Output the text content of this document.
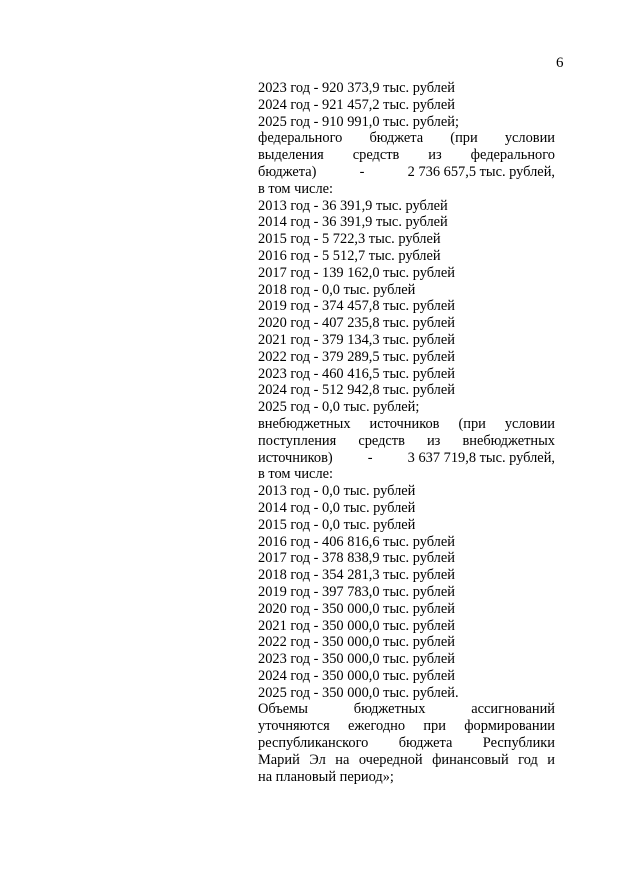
6
2023 год - 920 373,9 тыс. рублей
2024 год - 921 457,2 тыс. рублей
2025 год - 910 991,0 тыс. рублей;
федерального бюджета (при условии
выделения средств из федерального
бюджета)	-	2 736 657,5 тыс. рублей,
в том числе:
2013 год - 36 391,9 тыс. рублей
2014 год - 36 391,9 тыс. рублей
2015 год - 5 722,3 тыс. рублей
2016 год - 5 512,7 тыс. рублей
2017 год - 139 162,0 тыс. рублей
2018 год - 0,0 тыс. рублей
2019 год - 374 457,8 тыс. рублей
2020 год - 407 235,8 тыс. рублей
2021 год - 379 134,3 тыс. рублей
2022 год - 379 289,5 тыс. рублей
2023 год - 460 416,5 тыс. рублей
2024 год - 512 942,8 тыс. рублей
2025 год - 0,0 тыс. рублей;
внебюджетных источников (при условии
поступления средств из внебюджетных
источников) - 3 637 719,8 тыс. рублей,
в том числе:
2013 год - 0,0 тыс. рублей
2014 год - 0,0 тыс. рублей
2015 год - 0,0 тыс. рублей
2016 год - 406 816,6 тыс. рублей
2017 год - 378 838,9 тыс. рублей
2018 год - 354 281,3 тыс. рублей
2019 год - 397 783,0 тыс. рублей
2020 год - 350 000,0 тыс. рублей
2021 год - 350 000,0 тыс. рублей
2022 год - 350 000,0 тыс. рублей
2023 год - 350 000,0 тыс. рублей
2024 год - 350 000,0 тыс. рублей
2025 год - 350 000,0 тыс. рублей.
Объемы бюджетных ассигнований
уточняются ежегодно при формировании
республиканского бюджета Республики
Марий Эл на очередной финансовый год и
на плановый период»;
